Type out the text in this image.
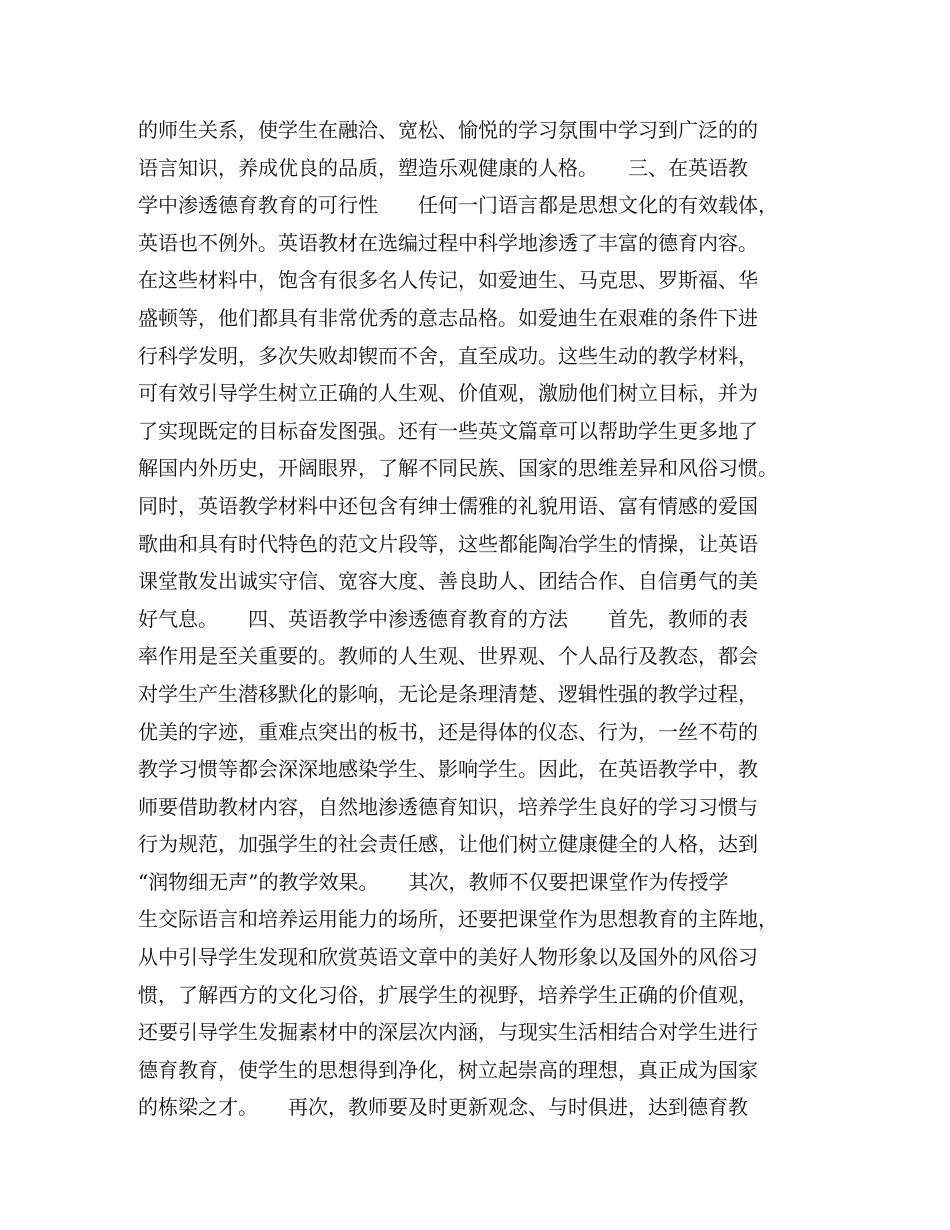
的师生关系，使学生在融洽、宽松、愉悦的学习氛围中学习到广泛的的
语言知识，养成优良的品质，塑造乐观健康的人格。　　三、在英语教
学中渗透德育教育的可行性　　任何一门语言都是思想文化的有效载体，
英语也不例外。英语教材在选编过程中科学地渗透了丰富的德育内容。
在这些材料中，饱含有很多名人传记，如爱迪生、马克思、罗斯福、华
盛顿等，他们都具有非常优秀的意志品格。如爱迪生在艰难的条件下进
行科学发明，多次失败却锲而不舍，直至成功。这些生动的教学材料，
可有效引导学生树立正确的人生观、价值观，激励他们树立目标，并为
了实现既定的目标奋发图强。还有一些英文篇章可以帮助学生更多地了
解国内外历史，开阔眼界，了解不同民族、国家的思维差异和风俗习惯。
同时，英语教学材料中还包含有绅士儒雅的礼貌用语、富有情感的爱国
歌曲和具有时代特色的范文片段等，这些都能陶冶学生的情操，让英语
课堂散发出诚实守信、宽容大度、善良助人、团结合作、自信勇气的美
好气息。　　四、英语教学中渗透德育教育的方法　　首先，教师的表
率作用是至关重要的。教师的人生观、世界观、个人品行及教态，都会
对学生产生潜移默化的影响，无论是条理清楚、逻辑性强的教学过程，
优美的字迹，重难点突出的板书，还是得体的仪态、行为，一丝不苟的
教学习惯等都会深深地感染学生、影响学生。因此，在英语教学中，教
师要借助教材内容，自然地渗透德育知识，培养学生良好的学习习惯与
行为规范，加强学生的社会责任感，让他们树立健康健全的人格，达到
“润物细无声”的教学效果。　　其次，教师不仅要把课堂作为传授学
生交际语言和培养运用能力的场所，还要把课堂作为思想教育的主阵地，
从中引导学生发现和欣赏英语文章中的美好人物形象以及国外的风俗习
惯，了解西方的文化习俗，扩展学生的视野，培养学生正确的价值观，
还要引导学生发掘素材中的深层次内涵，与现实生活相结合对学生进行
德育教育，使学生的思想得到净化，树立起崇高的理想，真正成为国家
的栋梁之才。　　再次，教师要及时更新观念、与时俱进，达到德育教
